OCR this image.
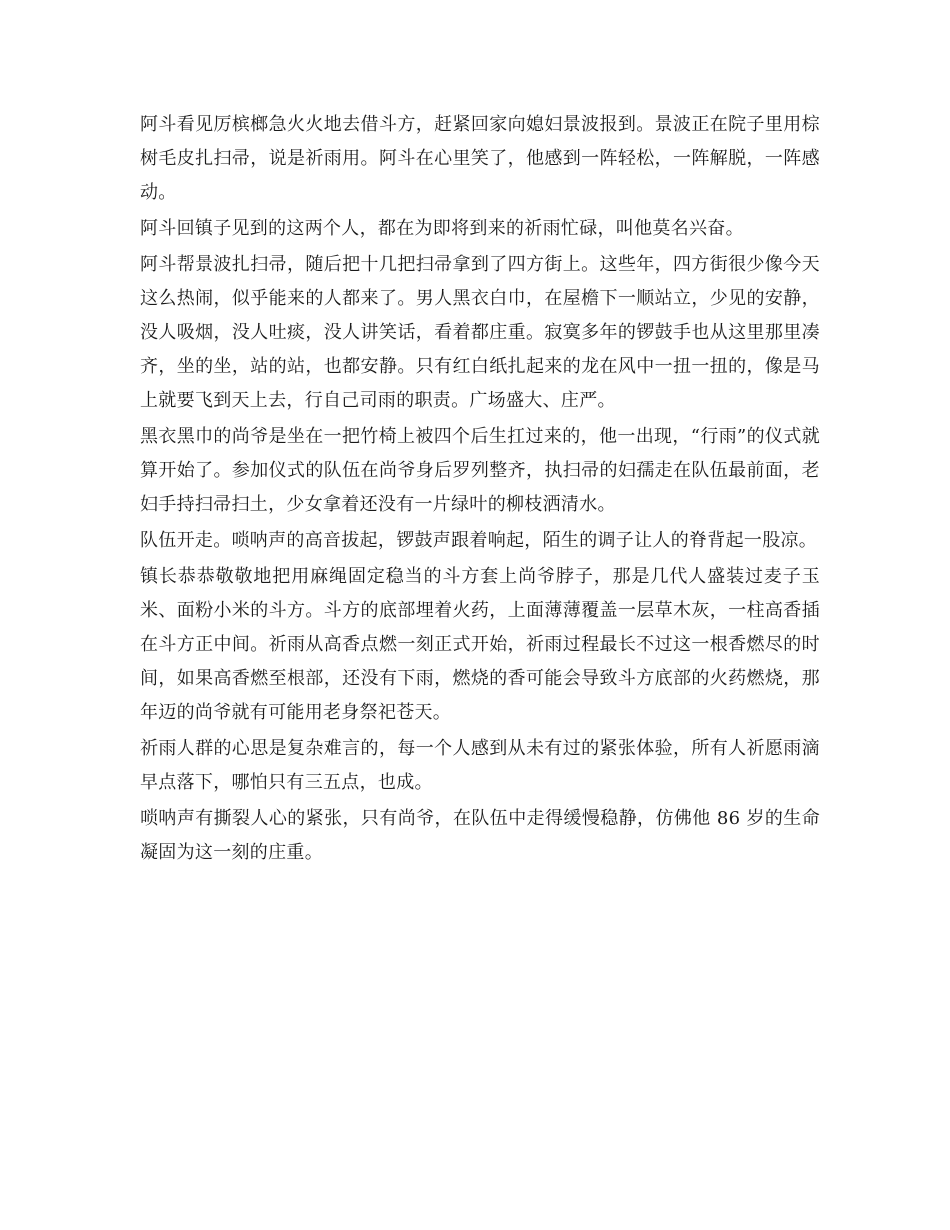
阿斗看见厉槟榔急火火地去借斗方，赶紧回家向媳妇景波报到。景波正在院子里用棕树毛皮扎扫帚，说是祈雨用。阿斗在心里笑了，他感到一阵轻松，一阵解脱，一阵感动。

阿斗回镇子见到的这两个人，都在为即将到来的祈雨忙碌，叫他莫名兴奋。

阿斗帮景波扎扫帚，随后把十几把扫帚拿到了四方街上。这些年，四方街很少像今天这么热闹，似乎能来的人都来了。男人黑衣白巾，在屋檐下一顺站立，少见的安静，没人吸烟，没人吐痰，没人讲笑话，看着都庄重。寂寞多年的锣鼓手也从这里那里凑齐，坐的坐，站的站，也都安静。只有红白纸扎起来的龙在风中一扭一扭的，像是马上就要飞到天上去，行自己司雨的职责。广场盛大、庄严。

黑衣黑巾的尚爷是坐在一把竹椅上被四个后生扛过来的，他一出现，“行雨”的仪式就算开始了。参加仪式的队伍在尚爷身后罗列整齐，执扫帚的妇孺走在队伍最前面，老妇手持扫帚扫土，少女拿着还没有一片绿叶的柳枝洒清水。

队伍开走。唢呐声的高音拔起，锣鼓声跟着响起，陌生的调子让人的脊背起一股凉。

镇长恭恭敬敬地把用麻绳固定稳当的斗方套上尚爷脖子，那是几代人盛装过麦子玉米、面粉小米的斗方。斗方的底部埋着火药，上面薄薄覆盖一层草木灰，一柱高香插在斗方正中间。祈雨从高香点燃一刻正式开始，祈雨过程最长不过这一根香燃尽的时间，如果高香燃至根部，还没有下雨，燃烧的香可能会导致斗方底部的火药燃烧，那年迈的尚爷就有可能用老身祭祀苍天。

祈雨人群的心思是复杂难言的，每一个人感到从未有过的紧张体验，所有人祈愿雨滴早点落下，哪怕只有三五点，也成。

唢呐声有撕裂人心的紧张，只有尚爷，在队伍中走得缓慢稳静，仿佛他 86 岁的生命凝固为这一刻的庄重。
